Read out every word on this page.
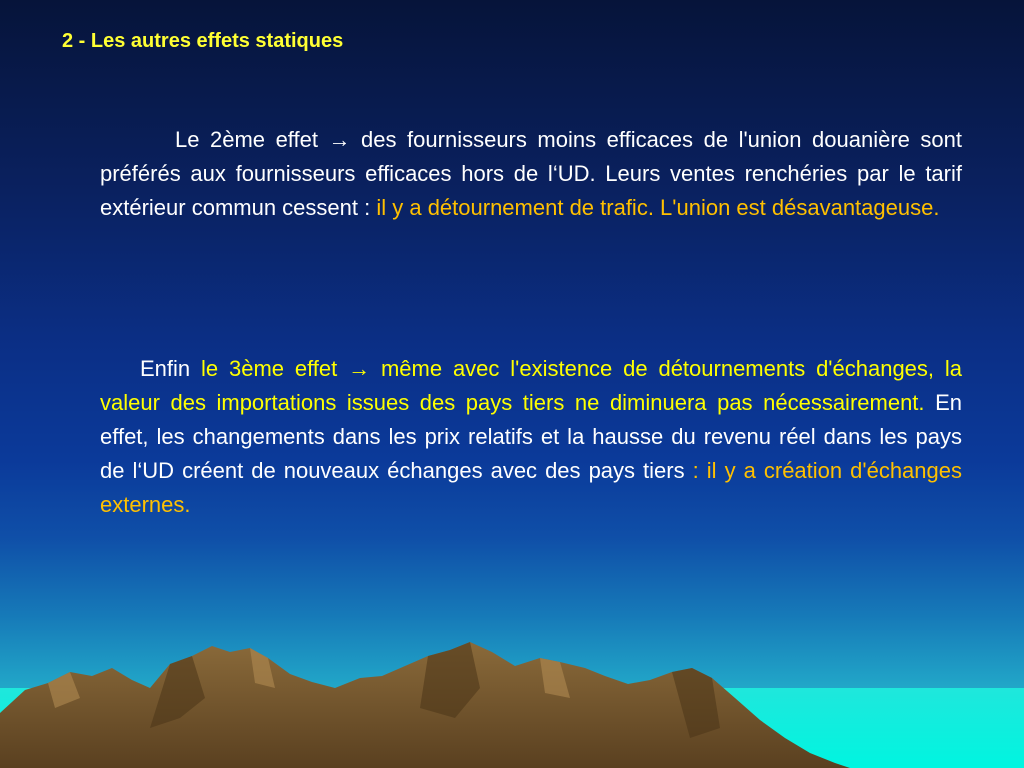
2 - Les autres effets statiques
Le 2ème effet → des fournisseurs moins efficaces de l'union douanière sont préférés aux fournisseurs efficaces hors de l‘UD. Leurs ventes renchéries par le tarif extérieur commun cessent : il y a détournement de trafic. L'union est désavantageuse.
Enfin le 3ème effet → même avec l'existence de détournements d'échanges, la valeur des importations issues des pays tiers ne diminuera pas nécessairement. En effet, les changements dans les prix relatifs et la hausse du revenu réel dans les pays de l‘UD créent de nouveaux échanges avec des pays tiers : il y a création d'échanges externes.
